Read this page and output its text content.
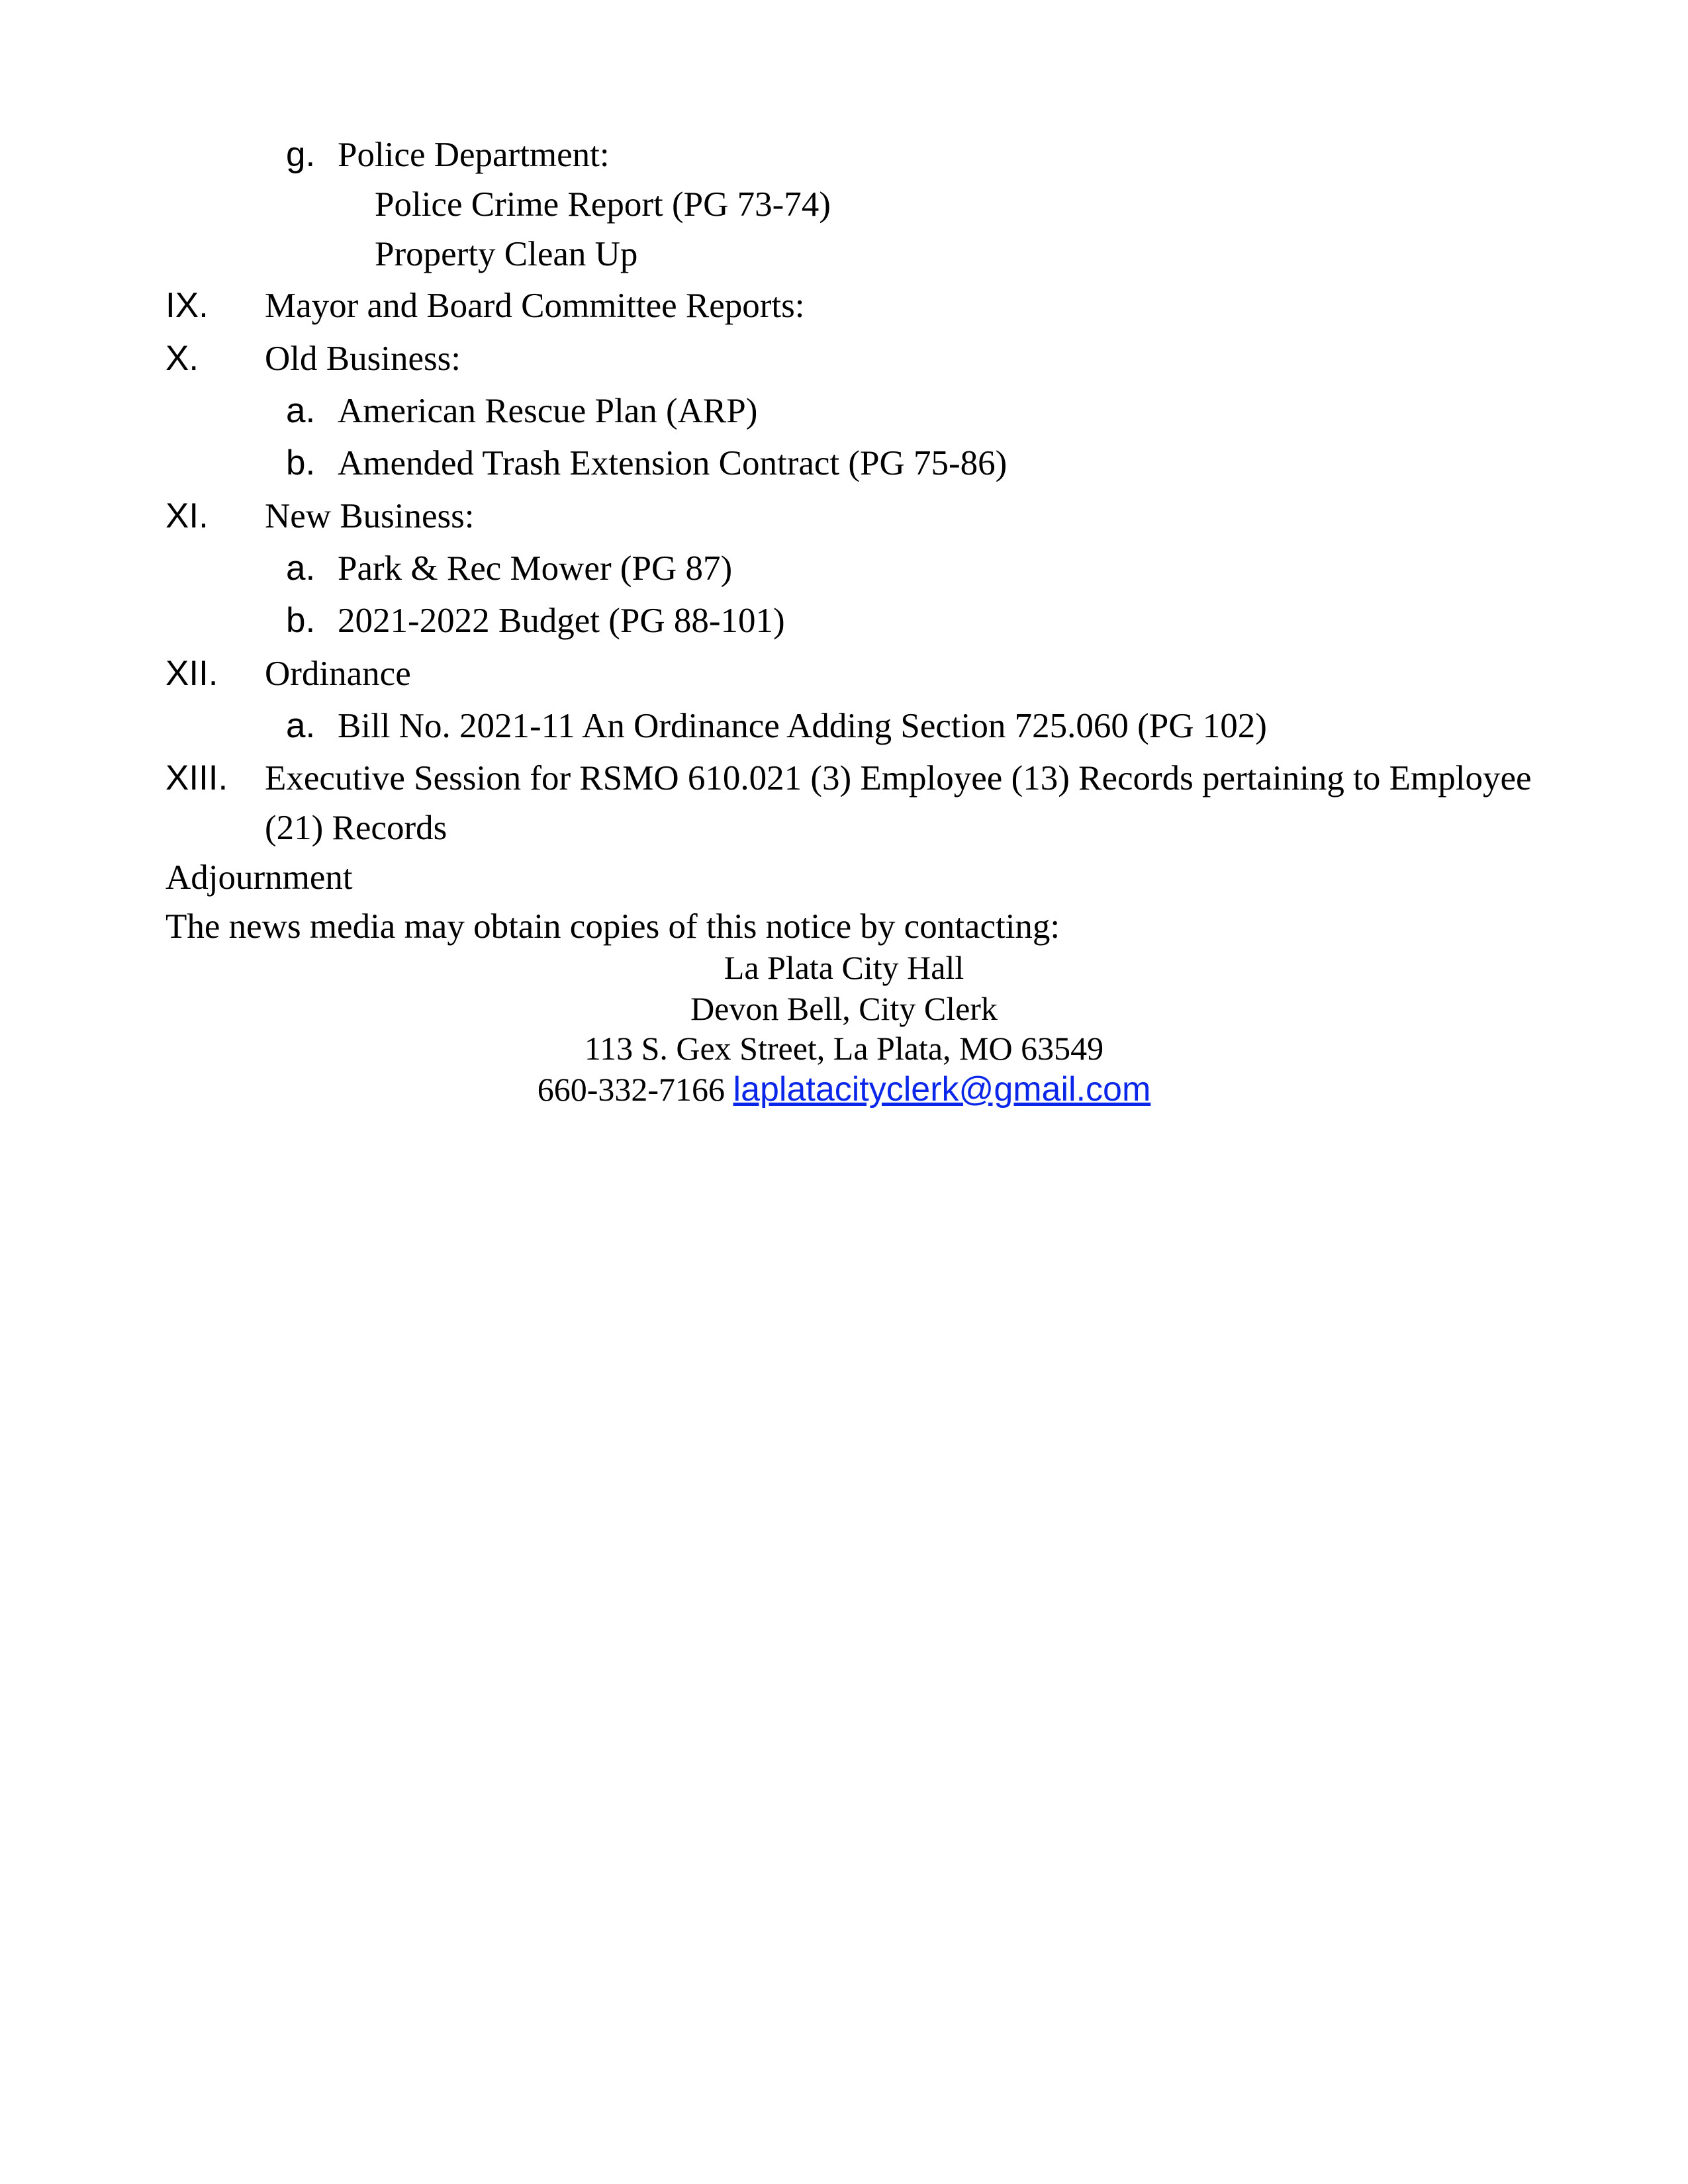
g. Police Department:
Police Crime Report (PG 73-74)
Property Clean Up
IX. Mayor and Board Committee Reports:
X. Old Business:
a. American Rescue Plan (ARP)
b. Amended Trash Extension Contract (PG 75-86)
XI. New Business:
a. Park & Rec Mower (PG 87)
b. 2021-2022 Budget (PG 88-101)
XII. Ordinance
a. Bill No. 2021-11 An Ordinance Adding Section 725.060 (PG 102)
XIII. Executive Session for RSMO 610.021 (3) Employee (13) Records pertaining to Employee
(21) Records
Adjournment
The news media may obtain copies of this notice by contacting:
La Plata City Hall
Devon Bell, City Clerk
113 S. Gex Street, La Plata, MO 63549
660-332-7166 laplatacityclerk@gmail.com
